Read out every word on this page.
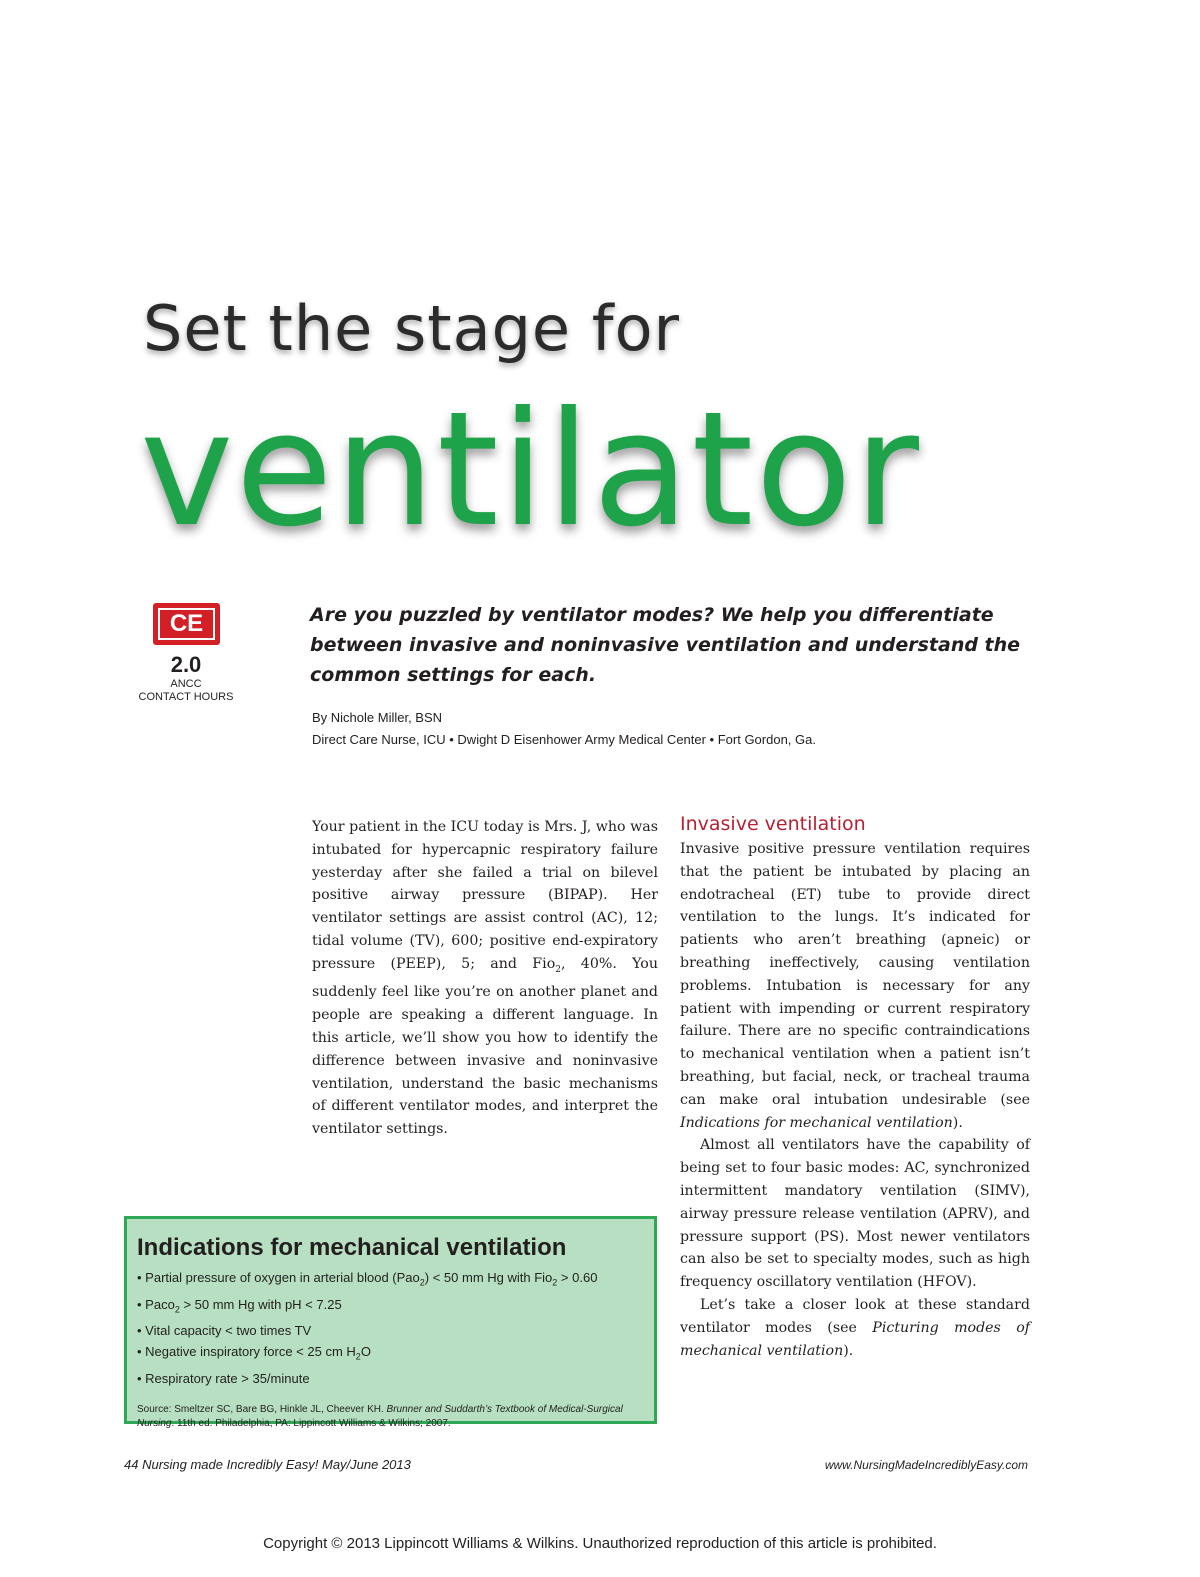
Set the stage for
ventilator
CE
2.0
ANCC
CONTACT HOURS
Are you puzzled by ventilator modes? We help you differentiate between invasive and noninvasive ventilation and understand the common settings for each.
By Nichole Miller, BSN
Direct Care Nurse, ICU • Dwight D Eisenhower Army Medical Center • Fort Gordon, Ga.

Your patient in the ICU today is Mrs. J, who was intubated for hypercapnic respiratory failure yesterday after she failed a trial on bilevel positive airway pressure (BIPAP). Her ventilator settings are assist control (AC), 12; tidal volume (TV), 600; positive end-expiratory pressure (PEEP), 5; and Fio$_2$, 40%. You suddenly feel like you’re on another planet and people are speaking a different language. In this article, we’ll show you how to identify the difference between invasive and noninvasive ventilation, understand the basic mechanisms of different ventilator modes, and interpret the ventilator settings.

Invasive ventilation

Invasive positive pressure ventilation requires that the patient be intubated by placing an endotracheal (ET) tube to provide direct ventilation to the lungs. It’s indicated for patients who aren’t breathing (apneic) or breathing ineffectively, causing ventilation problems. Intubation is necessary for any patient with impending or current respiratory failure. There are no specific contraindications to mechanical ventilation when a patient isn’t breathing, but facial, neck, or tracheal trauma can make oral intubation undesirable (see Indications for mechanical ventilation).

Almost all ventilators have the capability of being set to four basic modes: AC, synchronized intermittent mandatory ventilation (SIMV), airway pressure release ventilation (APRV), and pressure support (PS). Most newer ventilators can also be set to specialty modes, such as high frequency oscillatory ventilation (HFOV).

Let’s take a closer look at these standard ventilator modes (see Picturing modes of mechanical ventilation).

Indications for mechanical ventilation
• Partial pressure of oxygen in arterial blood (Pao$_2$) < 50 mm Hg with Fio$_2$ > 0.60
• Paco$_2$ > 50 mm Hg with pH < 7.25
• Vital capacity < two times TV
• Negative inspiratory force < 25 cm $H_2O$
• Respiratory rate > 35/minute
Source: Smeltzer SC, Bare BG, Hinkle JL, Cheever KH. Brunner and Suddarth’s Textbook of Medical-Surgical Nursing. 11th ed. Philadelphia, PA: Lippincott Williams & Wilkins; 2007.
44 Nursing made Incredibly Easy! May/June 2013	www.NursingMadeIncrediblyEasy.com
Copyright © 2013 Lippincott Williams & Wilkins. Unauthorized reproduction of this article is prohibited.
